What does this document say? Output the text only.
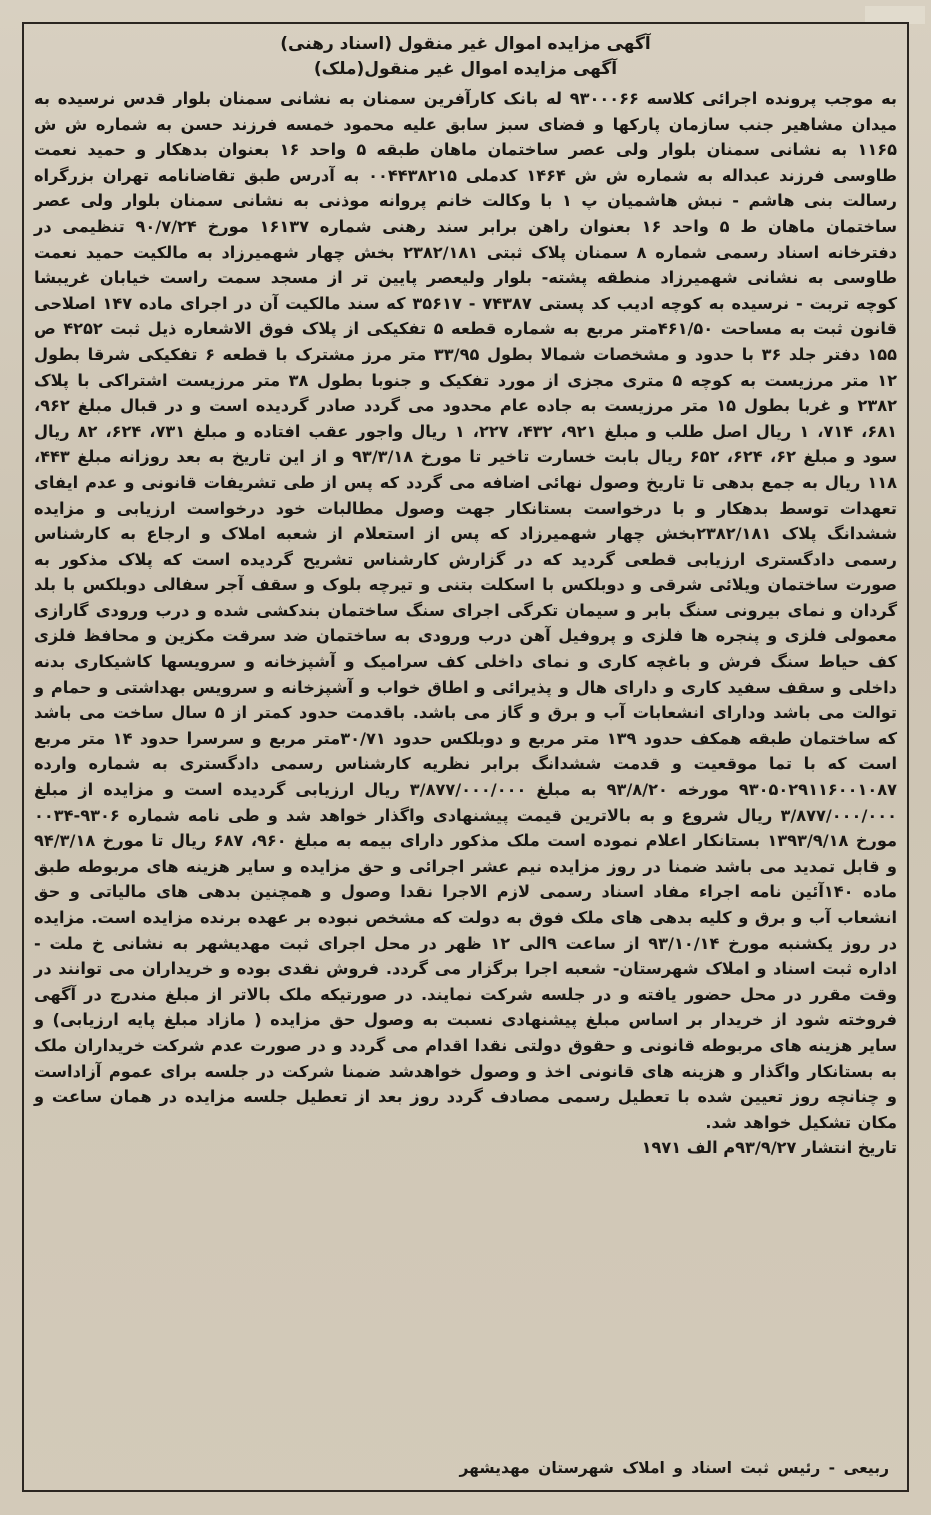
آگهی مزایده اموال غیر منقول (اسناد رهنی)

آگهی مزایده اموال غیر منقول(ملک)

به موجب پرونده اجرائی کلاسه ۹۳۰۰۰۶۶ له بانک کارآفرین سمنان به نشانی سمنان بلوار قدس نرسیده به میدان مشاهیر جنب سازمان پارکها و فضای سبز سابق علیه محمود خمسه فرزند حسن به شماره ش ش ۱۱۶۵ به نشانی سمنان بلوار ولی عصر ساختمان ماهان طبقه ۵ واحد ۱۶ بعنوان بدهکار و حمید نعمت طاوسی فرزند عبداله به شماره ش ش ۱۴۶۴ کدملی ۰۰۴۴۳۸۲۱۵ به آدرس طبق تقاضانامه تهران بزرگراه رسالت بنی هاشم - نبش هاشمیان پ ۱ با وکالت خانم پروانه موذنی به نشانی سمنان بلوار ولی عصر ساختمان ماهان ط ۵ واحد ۱۶ بعنوان راهن برابر سند رهنی شماره ۱۶۱۳۷ مورخ ۹۰/۷/۲۴ تنظیمی در دفترخانه اسناد رسمی شماره ۸ سمنان پلاک ثبتی ۲۳۸۲/۱۸۱ بخش چهار شهمیرزاد به مالکیت حمید نعمت طاوسی به نشانی شهمیرزاد منطقه پشته- بلوار ولیعصر پایین تر از مسجد سمت راست خیابان غریبشا کوچه تربت - نرسیده به کوچه ادیب کد پستی ۷۴۳۸۷ - ۳۵۶۱۷ که سند مالکیت آن در اجرای ماده ۱۴۷ اصلاحی قانون ثبت به مساحت ۴۶۱/۵۰متر مربع به شماره قطعه ۵ تفکیکی از پلاک فوق الاشعاره ذیل ثبت ۴۲۵۲ ص ۱۵۵ دفتر جلد ۳۶ با حدود و مشخصات شمالا بطول ۳۳/۹۵ متر مرز مشترک با قطعه ۶ تفکیکی شرقا بطول ۱۲ متر مرزیست به کوچه ۵ متری مجزی از مورد تفکیک و جنوبا بطول ۳۸ متر مرزیست اشتراکی با پلاک ۲۳۸۲ و غربا بطول ۱۵ متر مرزیست به جاده عام محدود می گردد صادر گردیده است و در قبال مبلغ ۹۶۲، ۶۸۱، ۷۱۴، ۱ ریال اصل طلب و مبلغ ۹۲۱، ۴۳۲، ۲۲۷، ۱ ریال واجور عقب افتاده و مبلغ ۷۳۱، ۶۲۴، ۸۲ ریال سود و مبلغ ۶۲، ۶۲۴، ۶۵۲ ریال بابت خسارت تاخیر تا مورخ ۹۳/۳/۱۸ و از این تاریخ به بعد روزانه مبلغ ۴۴۳، ۱۱۸ ریال به جمع بدهی تا تاریخ وصول نهائی اضافه می گردد که پس از طی تشریفات قانونی و عدم ایفای تعهدات توسط بدهکار و با درخواست بستانکار جهت وصول مطالبات خود درخواست ارزیابی و مزایده ششدانگ پلاک ۲۳۸۲/۱۸۱بخش چهار شهمیرزاد که پس از استعلام از شعبه املاک و ارجاع به کارشناس رسمی دادگستری ارزیابی قطعی گردید که در گزارش کارشناس تشریح گردیده است که پلاک مذکور به صورت ساختمان ویلائی شرقی و دوبلکس با اسکلت بتنی و تیرچه بلوک و سقف آجر سفالی دوبلکس با بلد گردان و نمای بیرونی سنگ بابر و سیمان تکرگی اجرای سنگ ساختمان بندکشی شده و درب ورودی گارازی معمولی فلزی و پنجره ها فلزی و پروفیل آهن درب ورودی به ساختمان ضد سرقت مکزین و محافظ فلزی کف حیاط سنگ فرش و باغچه کاری و نمای داخلی کف سرامیک و آشپزخانه و سرویسها کاشیکاری بدنه داخلی و سقف سفید کاری و دارای هال و پذیرائی و اطاق خواب و آشپزخانه و سرویس بهداشتی و حمام و توالت می باشد ودارای انشعابات آب و برق و گاز می باشد. باقدمت حدود کمتر از ۵ سال ساخت می باشد که ساختمان طبقه همکف حدود ۱۳۹ متر مربع و دوبلکس حدود ۳۰/۷۱متر مربع و سرسرا حدود ۱۴ متر مربع است که با تما موقعیت و قدمت ششدانگ برابر نظریه کارشناس رسمی دادگستری به شماره وارده ۹۳۰۵۰۲۹۱۱۶۰۰۱۰۸۷ مورخه ۹۳/۸/۲۰ به مبلغ ۳/۸۷۷/۰۰۰/۰۰۰ ریال ارزیابی گردیده است و مزایده از مبلغ ۳/۸۷۷/۰۰۰/۰۰۰ ریال شروع و به بالاترین قیمت پیشنهادی واگذار خواهد شد و طی نامه شماره ۹۳۰۶-۰۰۳۴ مورخ ۱۳۹۳/۹/۱۸ بستانکار اعلام نموده است ملک مذکور دارای بیمه به مبلغ ۹۶۰، ۶۸۷ ریال تا مورخ ۹۴/۳/۱۸ و قابل تمدید می باشد ضمنا در روز مزایده نیم عشر اجرائی و حق مزایده و سایر هزینه های مربوطه طبق ماده ۱۴۰آئین نامه اجراء مفاد اسناد رسمی لازم الاجرا نقدا وصول و همچنین بدهی های مالیاتی و حق انشعاب آب و برق و کلیه بدهی های ملک فوق به دولت که مشخص نبوده بر عهده برنده مزایده است. مزایده در روز یکشنبه مورخ ۹۳/۱۰/۱۴ از ساعت ۹الی ۱۲ ظهر در محل اجرای ثبت مهدیشهر به نشانی خ ملت - اداره ثبت اسناد و املاک شهرستان- شعبه اجرا برگزار می گردد. فروش نقدی بوده و خریداران می توانند در وقت مقرر در محل حضور یافته و در جلسه شرکت نمایند. در صورتیکه ملک بالاتر از مبلغ مندرج در آگهی فروخته شود از خریدار بر اساس مبلغ پیشنهادی نسبت به وصول حق مزایده ( مازاد مبلغ پایه ارزیابی) و سایر هزینه های مربوطه قانونی و حقوق دولتی نقدا اقدام می گردد و در صورت عدم شرکت خریداران ملک به بستانکار واگذار و هزینه های قانونی اخذ و وصول خواهدشد ضمنا شرکت در جلسه برای عموم آزاداست و چنانچه روز تعیین شده با تعطیل رسمی مصادف گردد روز بعد از تعطیل جلسه مزایده در همان ساعت و مکان تشکیل خواهد شد.

تاریخ انتشار ۹۳/۹/۲۷م الف ۱۹۷۱

ربیعی - رئیس ثبت اسناد و املاک شهرستان مهدیشهر
